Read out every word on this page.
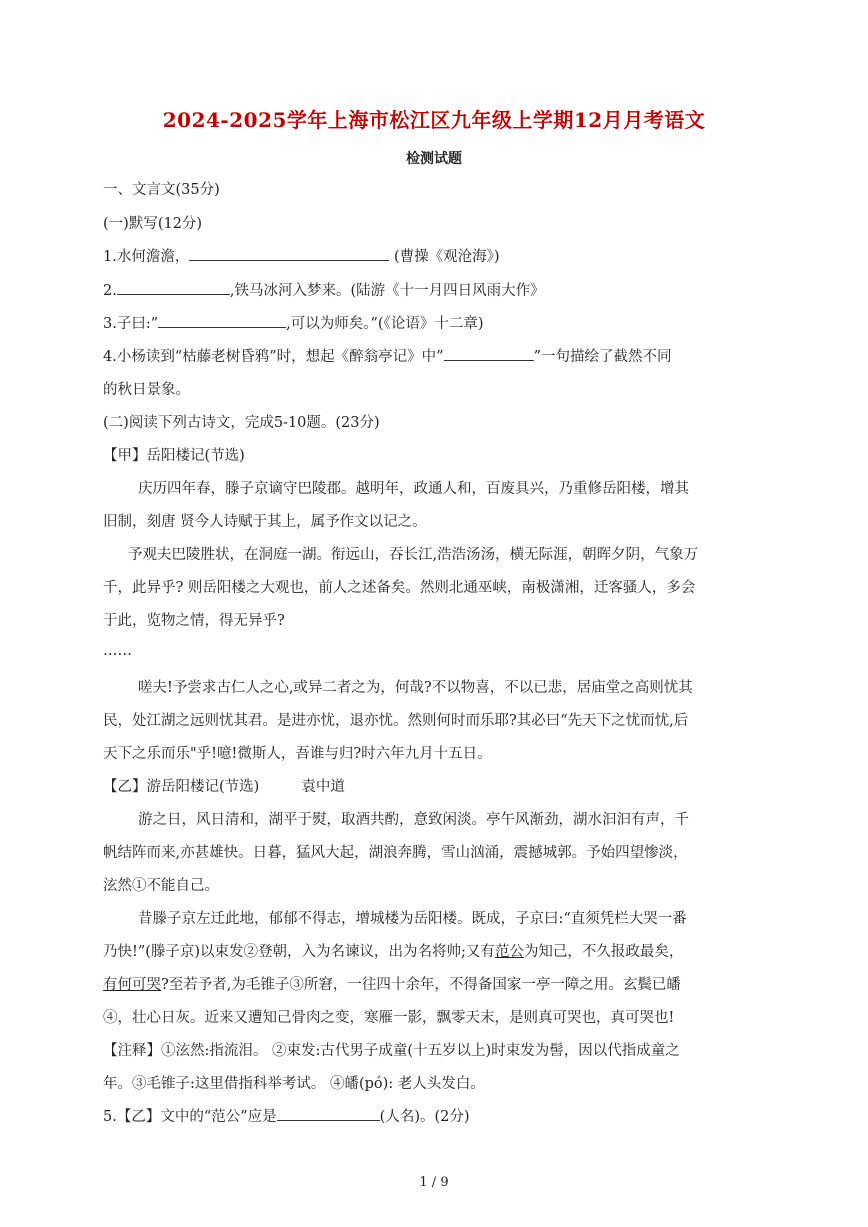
2024-2025学年上海市松江区九年级上学期12月月考语文
检测试题
一、文言文(35分)
(一)默写(12分)
1.水何澹澹，	(曹操《观沧海》)
2.	,铁马冰河入梦来。(陆游《十一月四日风雨大作》
3.子曰:”	,可以为师矣。”(《论语》十二章)
4.小杨读到“枯藤老树昏鸦”时，想起《醉翁亭记》中”	”一句描绘了截然不同
的秋日景象。
(二)阅读下列古诗文，完成5-10题。(23分)
【甲】岳阳楼记(节选)
庆历四年春，滕子京谪守巴陵郡。越明年，政通人和，百废具兴，乃重修岳阳楼，增其
旧制，刻唐 贤今人诗赋于其上，属予作文以记之。
予观夫巴陵胜状，在洞庭一湖。衔远山，吞长江,浩浩汤汤，横无际涯，朝晖夕阴，气象万
千，此异乎? 则岳阳楼之大观也，前人之述备矣。然则北通巫峡，南极潇湘，迁客骚人，多会
于此，览物之情，得无异乎?
……
嗟夫!予尝求古仁人之心,或异二者之为，何哉?不以物喜，不以已悲，居庙堂之高则忧其
民，处江湖之远则忧其君。是进亦忧，退亦忧。然则何时而乐耶?其必曰“先天下之忧而忧,后
天下之乐而乐"乎!噫!微斯人，吾谁与归?时六年九月十五日。
【乙】游岳阳楼记(节选)	袁中道
游之日，风日清和，湖平于熨，取酒共酌，意致闲淡。亭午风渐劲，湖水汩汩有声，千
帆结阵而来,亦甚雄快。日暮，猛风大起，湖浪奔腾，雪山汹涌，震撼城郭。予始四望惨淡，
泫然①不能自己。
昔滕子京左迁此地，郁郁不得志，增城楼为岳阳楼。既成，子京曰:“直须凭栏大哭一番
乃快!”(滕子京)以束发②登朝，入为名谏议，出为名将帅;又有范公为知己，不久报政最矣，
有何可哭?至若予者,为毛锥子③所窘，一往四十余年，不得备国家一亭一障之用。玄鬓已皤
④，壮心日灰。近来又遭知己骨肉之变，寒雁一影，飘零天末，是则真可哭也，真可哭也!
【注释】①泫然:指流泪。 ②束发:古代男子成童(十五岁以上)时束发为髻，因以代指成童之
年。③毛锥子:这里借指科举考试。 ④皤(pó): 老人头发白。
5.【乙】文中的“范公”应是	(人名)。(2分)
1 / 9
